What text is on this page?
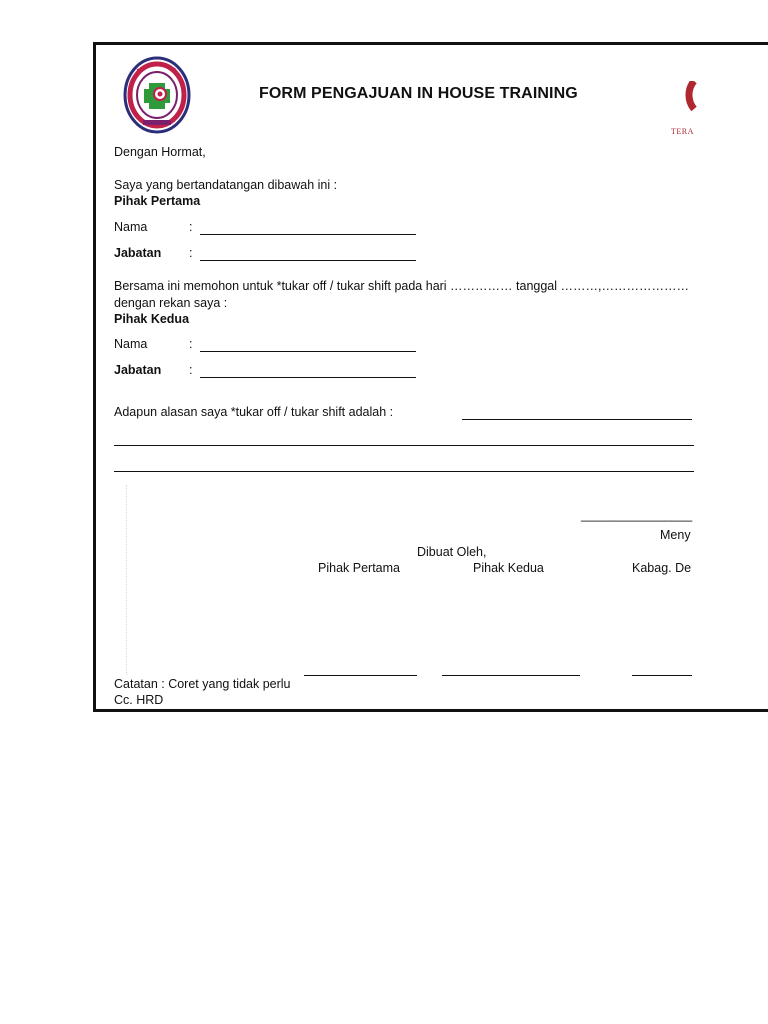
FORM PENGAJUAN IN HOUSE TRAINING
TERA
Dengan Hormat,
Saya yang bertandatangan dibawah ini :
Pihak Pertama
Nama	:
Jabatan :
Bersama ini memohon untuk *tukar off / tukar shift pada hari …………… tanggal ………,…………………
dengan rekan saya :
Pihak Kedua
Nama	:
Jabatan :
Adapun alasan saya *tukar off / tukar shift adalah :
________________
Meny
Dibuat Oleh,
Pihak Pertama	Pihak Kedua	Kabag. De
Catatan : Coret yang tidak perlu
Cc. HRD
